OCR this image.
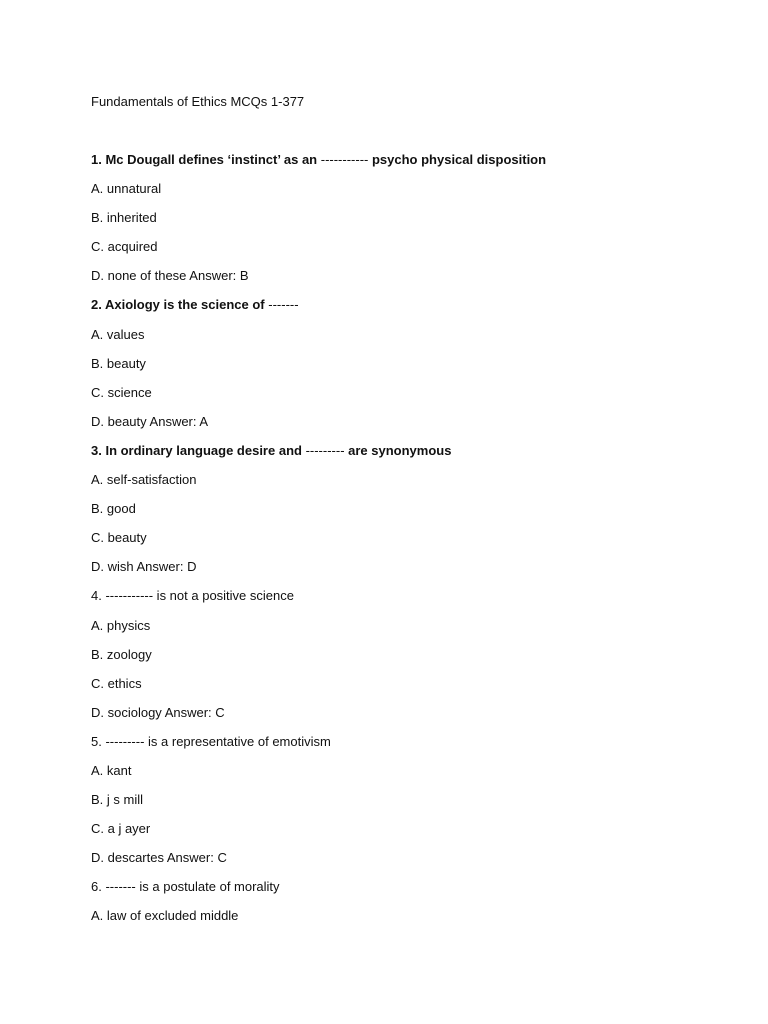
Fundamentals of Ethics MCQs 1-377
1. Mc Dougall defines ‘instinct’ as an ----------- psycho physical disposition
A. unnatural
B. inherited
C. acquired
D. none of these Answer: B
2. Axiology is the science of -------
A. values
B. beauty
C. science
D. beauty Answer: A
3. In ordinary language desire and --------- are synonymous
A. self-satisfaction
B. good
C. beauty
D. wish Answer: D
4. ----------- is not a positive science
A. physics
B. zoology
C. ethics
D. sociology Answer: C
5. --------- is a representative of emotivism
A. kant
B. j s mill
C. a j ayer
D. descartes Answer: C
6. ------- is a postulate of morality
A. law of excluded middle
